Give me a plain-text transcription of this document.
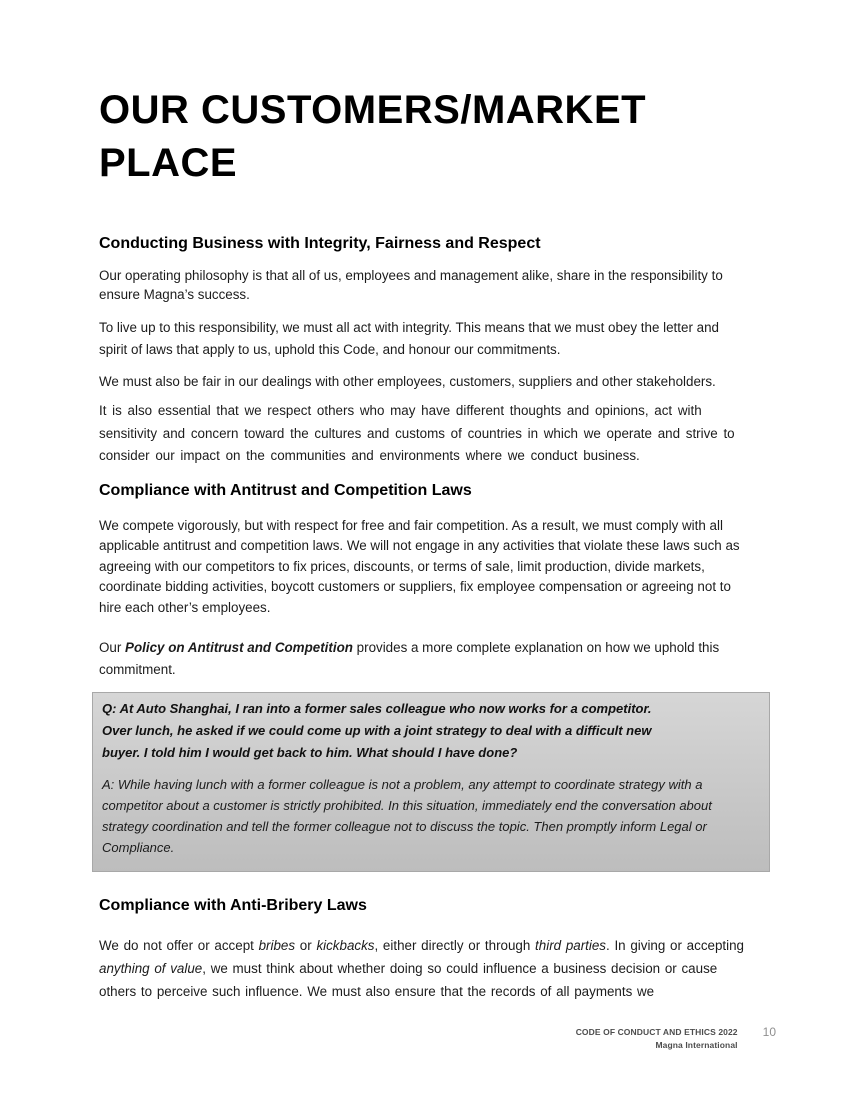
OUR CUSTOMERS/MARKET PLACE
Conducting Business with Integrity, Fairness and Respect

Our operating philosophy is that all of us, employees and management alike, share in the responsibility to ensure Magna’s success.

To live up to this responsibility, we must all act with integrity. This means that we must obey the letter and spirit of laws that apply to us, uphold this Code, and honour our commitments.

We must also be fair in our dealings with other employees, customers, suppliers and other stakeholders.

It is also essential that we respect others who may have different thoughts and opinions, act with sensitivity and concern toward the cultures and customs of countries in which we operate and strive to consider our impact on the communities and environments where we conduct business.

Compliance with Antitrust and Competition Laws

We compete vigorously, but with respect for free and fair competition. As a result, we must comply with all applicable antitrust and competition laws. We will not engage in any activities that violate these laws such as agreeing with our competitors to fix prices, discounts, or terms of sale, limit production, divide markets, coordinate bidding activities, boycott customers or suppliers, fix employee compensation or agreeing not to hire each other’s employees.

Our Policy on Antitrust and Competition provides a more complete explanation on how we uphold this commitment.

Q: At Auto Shanghai, I ran into a former sales colleague who now works for a competitor. Over lunch, he asked if we could come up with a joint strategy to deal with a difficult new buyer. I told him I would get back to him. What should I have done?

A: While having lunch with a former colleague is not a problem, any attempt to coordinate strategy with a competitor about a customer is strictly prohibited. In this situation, immediately end the conversation about strategy coordination and tell the former colleague not to discuss the topic. Then promptly inform Legal or Compliance.

Compliance with Anti-Bribery Laws

We do not offer or accept bribes or kickbacks, either directly or through third parties. In giving or accepting anything of value, we must think about whether doing so could influence a business decision or cause others to perceive such influence. We must also ensure that the records of all payments we

CODE OF CONDUCT AND ETHICS 2022
Magna International
10
